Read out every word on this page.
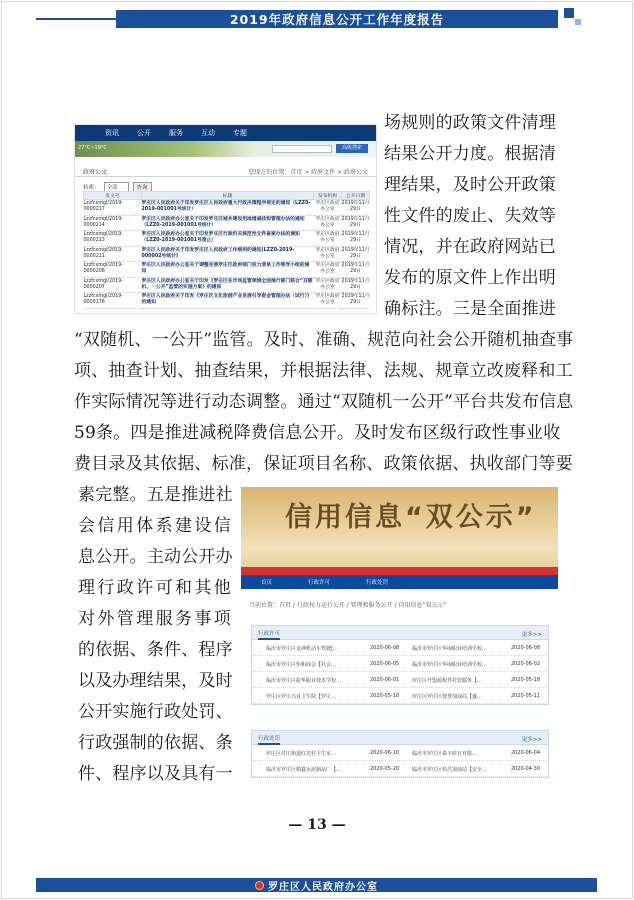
2019年政府信息公开工作年度报告
资讯	公开	服务	互动	专题
27°C~19°C	高级搜索
政府公文	您现在的位置：首页 > 政府文件 > 政府公文
检索：	全部	查询
发文号	标题	发布机构	公开日期
Lzzfcxmgl/2019-0000217	罗庄区人民政府关于印发罗庄区人民政府重大行政决策程序规定的通知（LZZ0-2019-001001号统计）	罗庄区政府办公室	2019年11月29日
Lzzfcxmgl/2019-0000214	罗庄区人民政府办公室关于印发罗庄区城乡建设用地增减挂钩管理办法的通知（LZZ0-2019-001001号统计）	罗庄区政府办公室	2019年11月29日
Lzzfcxmgl/2019-0000213	罗庄区人民政府办公室关于印发罗庄区行政机关规范性文件备案办法的通知（LZZ0-2019-001001号废止）	罗庄区政府办公室	2019年11月29日
Lzzfcxmgl/2019-0000211	罗庄区人民政府关于印发罗庄区人民政府工作规则的通知(LZZ0-2019-000002号统计)	罗庄区政府办公室	2019年11月29日
Lzzfcxmgl/2019-0000208	罗庄区人民政府办公室关于调整完善罗庄区政府部门权力清单工作领导小组的通知	罗庄区政府办公室	2019年11月29日
Lzzfcxmgl/2019-0000207	罗庄区人民政府办公室关于印发《罗庄区在市场监管领域全面推行部门联合“双随机、一公开”监管的实施方案》的通知	罗庄区政府办公室	2019年11月29日
Lzzfcxmgl/2019-0000176	罗庄区人民政府关于印发《罗庄区文化旅游产业发展引导资金管理办法（试行）》的通知	罗庄区政府办公室	2019年11月29日

场规则的政策文件清理

结果公开力度。根据清

理结果，及时公开政策

性文件的废止、失效等

情况，并在政府网站已

发布的原文件上作出明

确标注。三是全面推进

“双随机、一公开”监管。及时、准确、规范向社会公开随机抽查事

项、抽查计划、抽查结果，并根据法律、法规、规章立改废释和工

作实际情况等进行动态调整。通过“双随机一公开”平台共发布信息

59条。四是推进减税降费信息公开。及时发布区级行政性事业收

费目录及其依据、标准，保证项目名称、政策依据、执收部门等要

素完整。五是推进社

会信用体系建设信

息公开。主动公开办

理行政许可和其他

对外管理服务事项

的依据、条件、程序

以及办理结果，及时

公开实施行政处罚、

行政强制的依据、条

件、程序以及具有一

信用信息“双公示”
首页	行政许可	行政处罚
当前位置：首页 / 行政权力运行公开 / 管理和服务公开 / 信用信息“双公示”
行政许可	更多>>
临沂市罗庄区金洲机动车驾驶[…	2020-06-08	临沂市罗庄区华南职业培训学校…	2020-06-08
临沂市罗庄区恒和商会【社会…	2020-06-05	临沂市罗庄区华南职业培训学校…	2020-06-02
临沂市罗庄区振华职业技术学校…	2020-06-01	罗庄区开盟源校外托管服务【…	2020-05-18
罗庄区罗庄兴业卫生院【罗庄…	2020-05-18	罗庄区罗庄区智慧加油局【盛…	2020-05-11
行政处罚	更多>>
罗庄区付庄街道红光村卫生室…	2020-06-10	临沂市罗庄区泰丰砖瓦有限…	2020-06-04
临沂市罗庄区精鑫水泥制品厂【…	2020-05-20	临沂市罗庄区恒昌加油站【安全…	2020-04-30
— 13 —
罗庄区人民政府办公室
